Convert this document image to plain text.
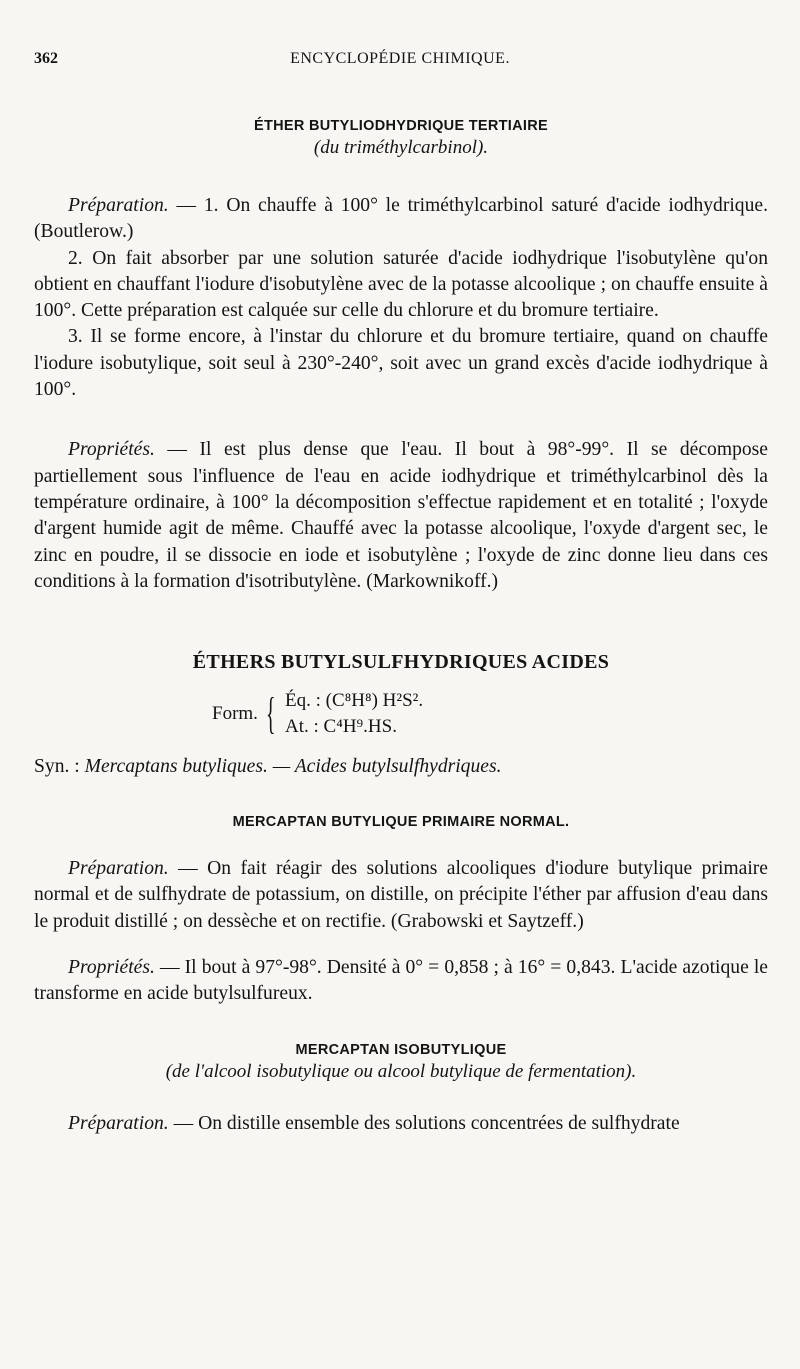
362	ENCYCLOPÉDIE CHIMIQUE.
ÉTHER BUTYLIODHYDRIQUE TERTIAIRE

(du triméthylcarbinol).

Préparation. — 1. On chauffe à 100° le triméthylcarbinol saturé d'acide iodhydrique. (Boutlerow.)

2. On fait absorber par une solution saturée d'acide iodhydrique l'isobutylène qu'on obtient en chauffant l'iodure d'isobutylène avec de la potasse alcoolique ; on chauffe ensuite à 100°. Cette préparation est calquée sur celle du chlorure et du bromure tertiaire.

3. Il se forme encore, à l'instar du chlorure et du bromure tertiaire, quand on chauffe l'iodure isobutylique, soit seul à 230°-240°, soit avec un grand excès d'acide iodhydrique à 100°.

Propriétés. — Il est plus dense que l'eau. Il bout à 98°-99°. Il se décompose partiellement sous l'influence de l'eau en acide iodhydrique et triméthylcarbinol dès la température ordinaire, à 100° la décomposition s'effectue rapidement et en totalité ; l'oxyde d'argent humide agit de même. Chauffé avec la potasse alcoolique, l'oxyde d'argent sec, le zinc en poudre, il se dissocie en iode et isobutylène ; l'oxyde de zinc donne lieu dans ces conditions à la formation d'isotributylène. (Markownikoff.)

ÉTHERS BUTYLSULFHYDRIQUES ACIDES
Form. { Éq. : (C⁸H⁸) H²S².
At. : C⁴H⁹.HS.

Syn. : Mercaptans butyliques. — Acides butylsulfhydriques.

MERCAPTAN BUTYLIQUE PRIMAIRE NORMAL.

Préparation. — On fait réagir des solutions alcooliques d'iodure butylique primaire normal et de sulfhydrate de potassium, on distille, on précipite l'éther par affusion d'eau dans le produit distillé ; on dessèche et on rectifie. (Grabowski et Saytzeff.)

Propriétés. — Il bout à 97°-98°. Densité à 0° = 0,858 ; à 16° = 0,843. L'acide azotique le transforme en acide butylsulfureux.

MERCAPTAN ISOBUTYLIQUE

(de l'alcool isobutylique ou alcool butylique de fermentation).

Préparation. — On distille ensemble des solutions concentrées de sulfhydrate
